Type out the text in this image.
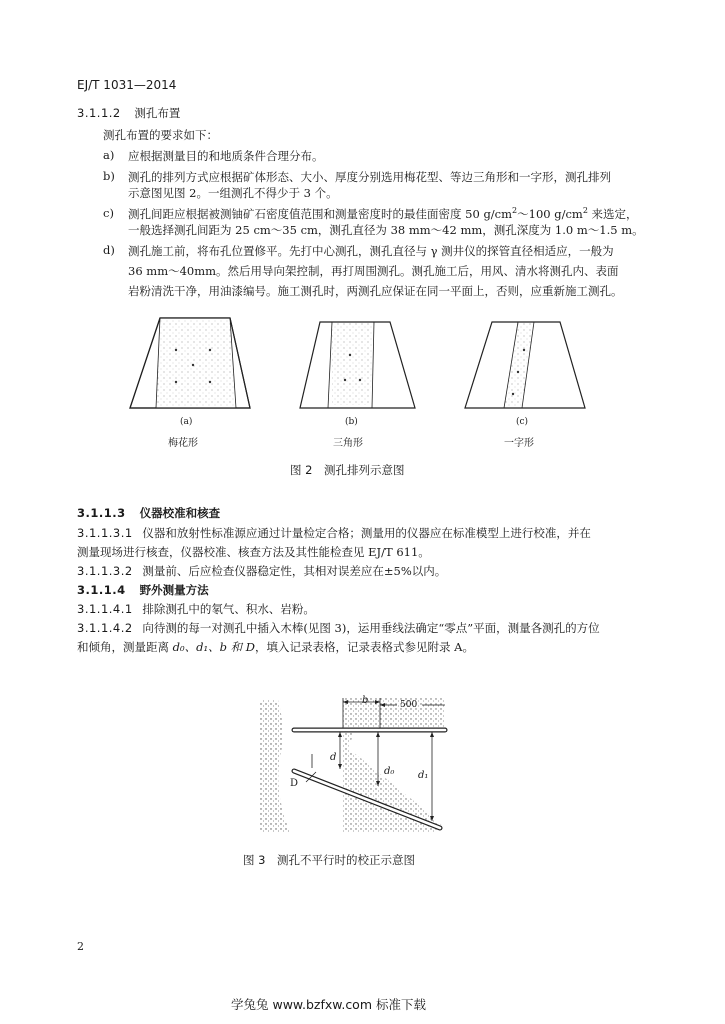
EJ/T 1031—2014
3.1.1.2 测孔布置
测孔布置的要求如下：
a) 应根据测量目的和地质条件合理分布。
b) 测孔的排列方式应根据矿体形态、大小、厚度分别选用梅花型、等边三角形和一字形，测孔排列
示意图见图 2。一组测孔不得少于 3 个。
c) 测孔间距应根据被测铀矿石密度值范围和测量密度时的最佳面密度 50 $g/cm^2\sim 100$ $g/cm^2$ 来选定，
一般选择测孔间距为 25 cm～35 cm，测孔直径为 38 mm～42 mm，测孔深度为 1.0 m～1.5 m。
d) 测孔施工前，将布孔位置修平。先打中心测孔，测孔直径与 γ 测井仪的探管直径相适应，一般为
36 mm～40mm。然后用导向架控制，再打周围测孔。测孔施工后，用风、清水将测孔内、表面
岩粉清洗干净，用油漆编号。施工测孔时，两测孔应保证在同一平面上，否则，应重新施工测孔。
(a)	(b)	(c)
梅花形	三角形	一字形
图 2　测孔排列示意图
3.1.1.3 仪器校准和核查
3.1.1.3.1 仪器和放射性标准源应通过计量检定合格；测量用的仪器应在标准模型上进行校准，并在
测量现场进行核查，仪器校准、核查方法及其性能检查见 EJ/T 611。
3.1.1.3.2 测量前、后应检查仪器稳定性，其相对误差应在±5%以内。
3.1.1.4 野外测量方法
3.1.1.4.1 排除测孔中的氡气、积水、岩粉。
3.1.1.4.2 向待测的每一对测孔中插入木棒(见图 3)，运用垂线法确定“零点”平面，测量各测孔的方位
和倾角，测量距离 d₀、d₁、b 和 D，填入记录表格，记录表格式参见附录 A。
b	500
d
d₀ d₁
D
图 3　测孔不平行时的校正示意图
2
学兔兔 www.bzfxw.com 标准下载
